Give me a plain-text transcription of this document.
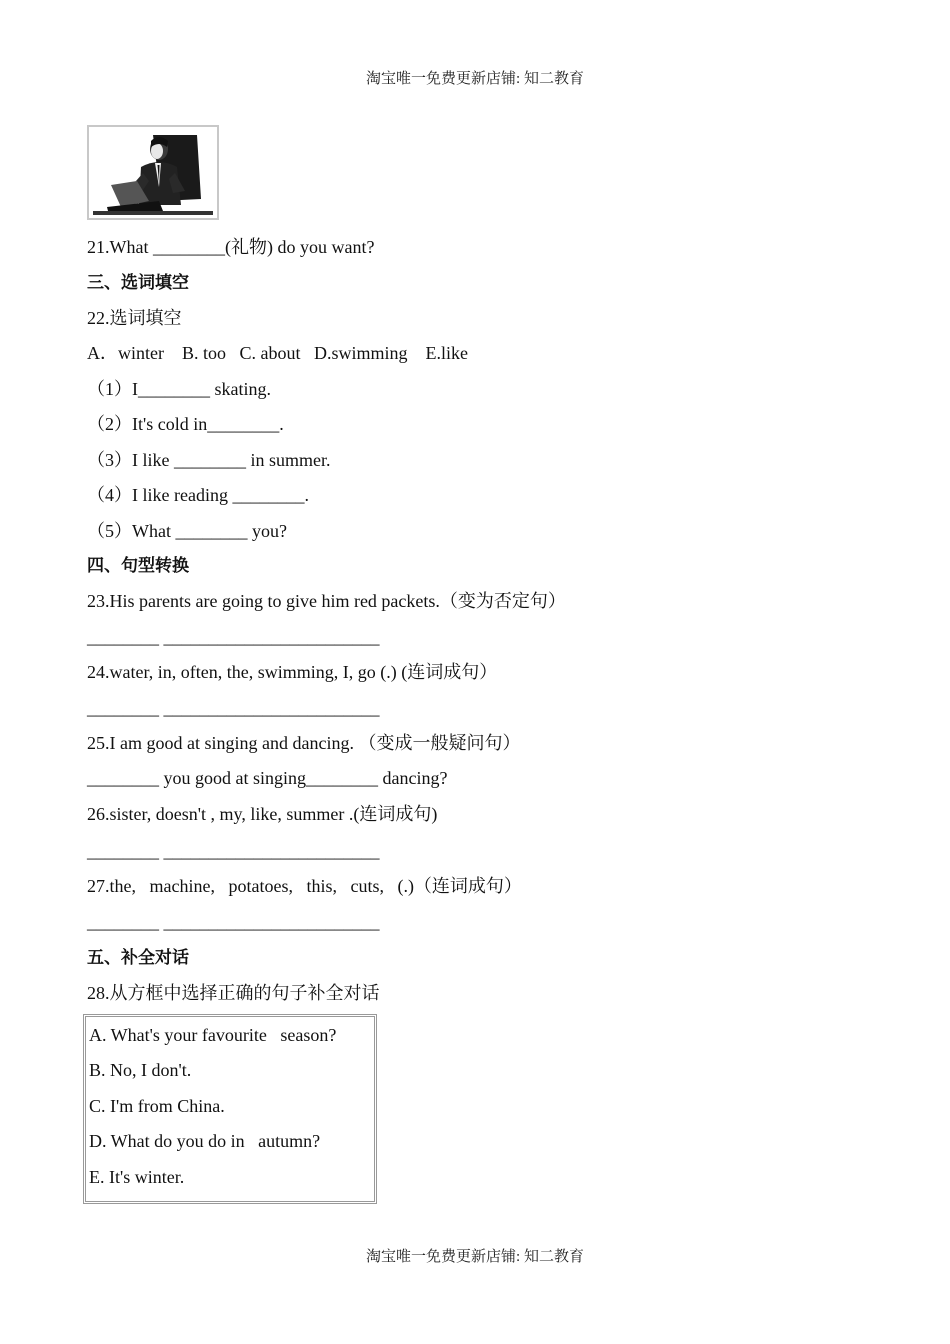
淘宝唯一免费更新店铺: 知二教育
21.What ________(礼物) do you want?
三、选词填空
22.选词填空
A．winter    B. too   C. about   D.swimming    E.like
（1）I________ skating.
（2）It's cold in________.
（3）I like ________ in summer.
（4）I like reading ________.
（5）What ________ you?
四、句型转换
23.His parents are going to give him red packets.（变为否定句）
________ ________________________
24.water, in, often, the, swimming, I, go (.) (连词成句）
________ ________________________
25.I am good at singing and dancing. （变成一般疑问句）
________ you good at singing________ dancing?
26.sister, doesn't , my, like, summer .(连词成句)
________ ________________________
27.the,   machine,   potatoes,   this,   cuts,   (.)（连词成句）
________ ________________________
五、补全对话
28.从方框中选择正确的句子补全对话
A. What's your favourite   season?
B. No, I don't.
C. I'm from China.
D. What do you do in   autumn?
E. It's winter.
淘宝唯一免费更新店铺: 知二教育
